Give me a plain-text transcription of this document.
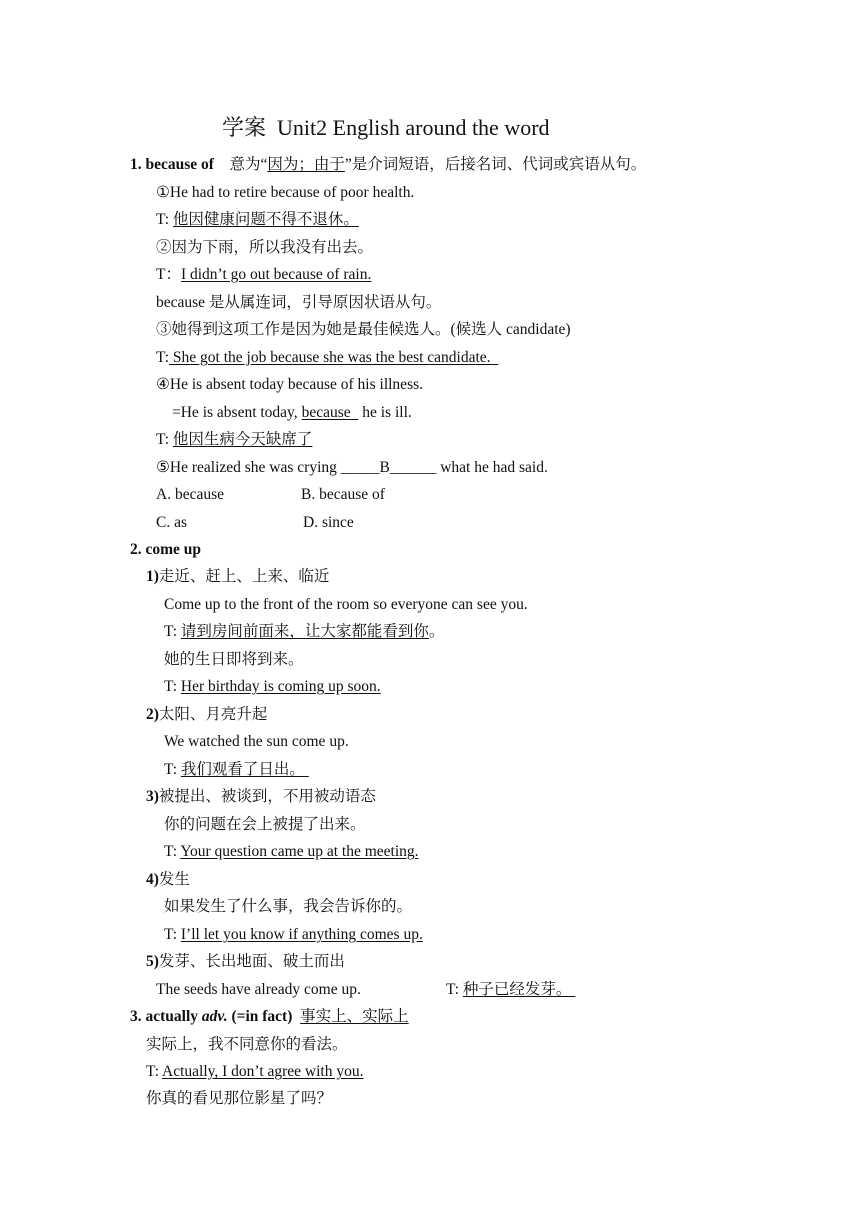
学案 Unit2 English around the word
1. because of 意为“因为；由于”是介词短语，后接名词、代词或宾语从句。
①He had to retire because of poor health.
T: 他因健康问题不得不退休。
②因为下雨，所以我没有出去。
T：I didn’t go out because of rain.
because 是从属连词，引导原因状语从句。
③她得到这项工作是因为她是最佳候选人。(候选人 candidate)
T: She got the job because she was the best candidate.
④He is absent today because of his illness.
=He is absent today, because   he is ill.
T: 他因生病今天缺席了
⑤He realized she was crying _____B______ what he had said.
A. because	B. because of
C. as	D. since
2. come up
1)走近、赶上、上来、临近
Come up to the front of the room so everyone can see you.
T: 请到房间前面来，让大家都能看到你。
她的生日即将到来。
T: Her birthday is coming up soon.
2)太阳、月亮升起
We watched the sun come up.
T: 我们观看了日出。
3)被提出、被谈到，不用被动语态
你的问题在会上被提了出来。
T: Your question came up at the meeting.
4)发生
如果发生了什么事，我会告诉你的。
T: I’ll let you know if anything comes up.
5)发芽、长出地面、破土而出
The seeds have already come up.	T: 种子已经发芽。
3. actually adv. (=in fact) 事实上、实际上
实际上，我不同意你的看法。
T: Actually, I don’t agree with you.
你真的看见那位影星了吗？
